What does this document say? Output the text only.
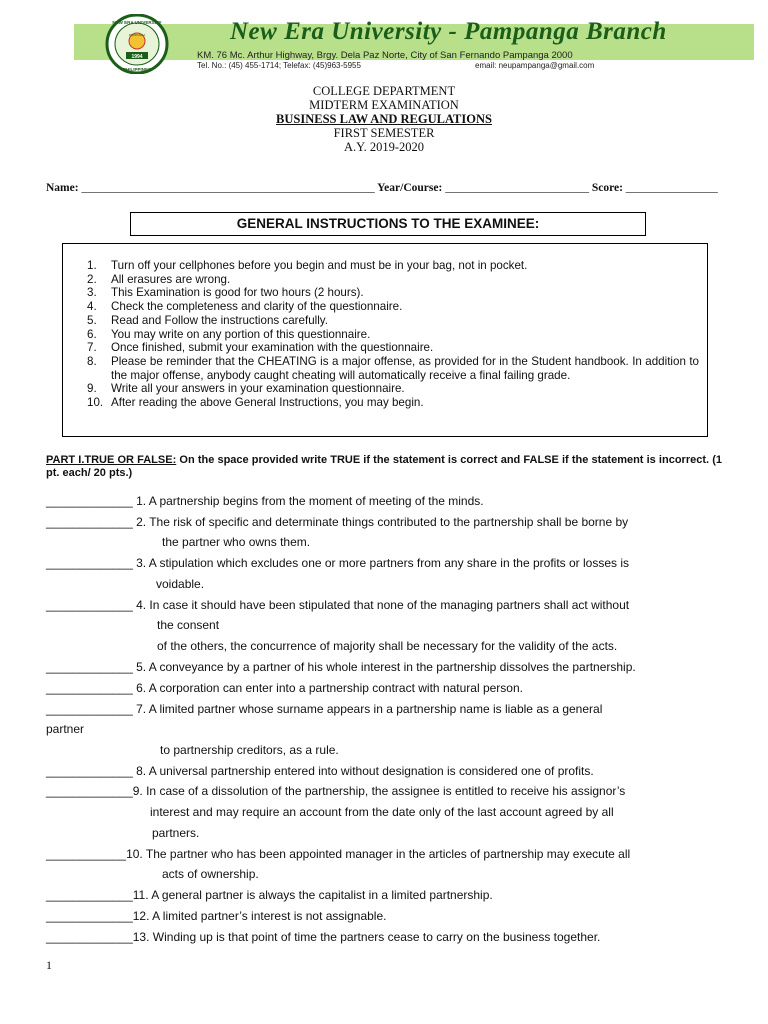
NEW ERA UNIVERSITY
PHILIPPINES
PAMPANGA
1994
New Era University - Pampanga Branch
KM. 76 Mc. Arthur Highway, Brgy. Dela Paz Norte, City of San Fernando Pampanga 2000
Tel. No.: (45) 455-1714; Telefax: (45)963-5955	email: neupampanga@gmail.com
COLLEGE DEPARTMENT
MIDTERM EXAMINATION
BUSINESS LAW AND REGULATIONS
FIRST SEMESTER
A.Y. 2019-2020
Name: ___________________________________________________ Year/Course: _________________________ Score: ________________
GENERAL INSTRUCTIONS TO THE EXAMINEE:
1.	Turn off your cellphones before you begin and must be in your bag, not in pocket.
2.	All erasures are wrong.
3.	This Examination is good for two hours (2 hours).
4.	Check the completeness and clarity of the questionnaire.
5.	Read and Follow the instructions carefully.
6.	You may write on any portion of this questionnaire.
7.	Once finished, submit your examination with the questionnaire.
8.	Please be reminder that the CHEATING is a major offense, as provided for in the Student handbook. In addition to the major offense, anybody caught cheating will automatically receive a final failing grade.
9.	Write all your answers in your examination questionnaire.
10. After reading the above General Instructions, you may begin.
PART I.TRUE OR FALSE: On the space provided write TRUE if the statement is correct and FALSE if the statement is incorrect. (1 pt. each/ 20 pts.)
_____________ 1. A partnership begins from the moment of meeting of the minds.
_____________ 2. The risk of specific and determinate things contributed to the partnership shall be borne by
the partner who owns them.
_____________ 3. A stipulation which excludes one or more partners from any share in the profits or losses is
voidable.
_____________ 4. In case it should have been stipulated that none of the managing partners shall act without
the consent
of the others, the concurrence of majority shall be necessary for the validity of the acts.
_____________ 5. A conveyance by a partner of his whole interest in the partnership dissolves the partnership.
_____________ 6. A corporation can enter into a partnership contract with natural person.
_____________ 7. A limited partner whose surname appears in a partnership name is liable as a general
partner
to partnership creditors, as a rule.
_____________ 8. A universal partnership entered into without designation is considered one of profits.
_____________9. In case of a dissolution of the partnership, the assignee is entitled to receive his assignor’s
interest and may require an account from the date only of the last account agreed by all
partners.
____________10. The partner who has been appointed manager in the articles of partnership may execute all
acts of ownership.
_____________11. A general partner is always the capitalist in a limited partnership.
_____________12. A limited partner’s interest is not assignable.
_____________13. Winding up is that point of time the partners cease to carry on the business together.
1
